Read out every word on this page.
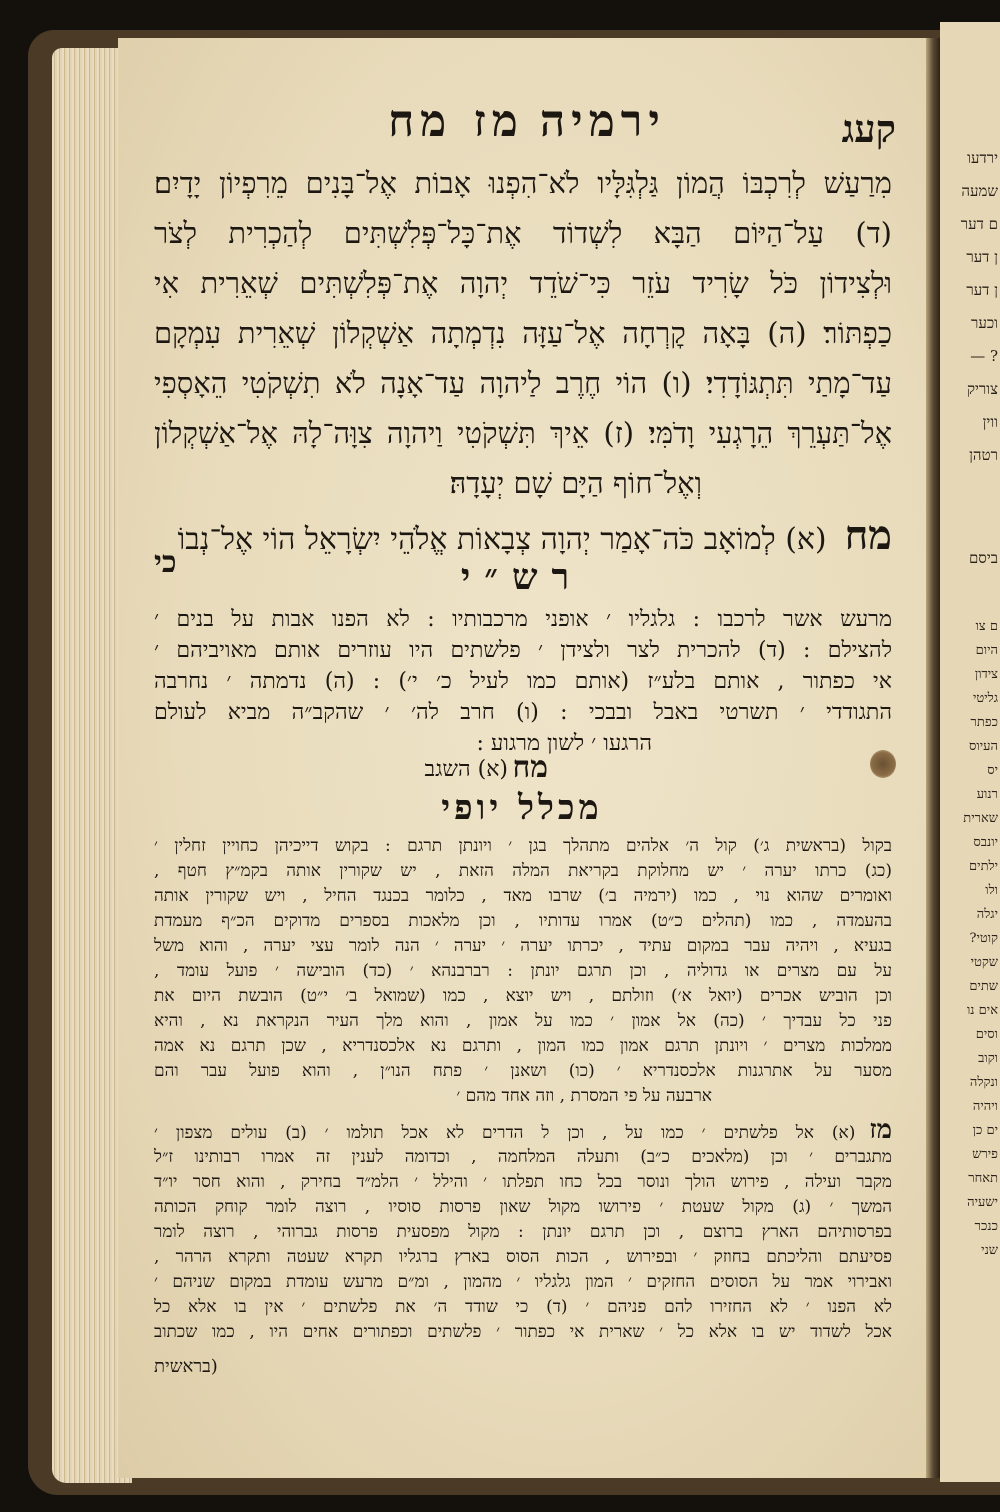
קעג
ירמיהמז מח
מִרַעַשׁ לְרִכְבּוֹ הֲמוֹן גַּלְגִּלָּיו לֹא־הִפְנוּ אָבוֹת אֶל־בָּנִים מֵרִפְיוֹן יָדָיִם׃
(ד) עַל־הַיּוֹם הַבָּא לִשְׁדוֹד אֶת־כָּל־פְּלִשְׁתִּים לְהַכְרִית לְצֹר
וּלְצִידוֹן כֹּל שָׂרִיד עֹזֵר כִּי־שֹׁדֵד יְהוָה אֶת־פְּלִשְׁתִּים שְׁאֵרִית אִי
כַפְתּוֹר׃ (ה) בָּאָה קׇרְחָה אֶל־עַזָּה נִדְמְתָה אַשְׁקְלוֹן שְׁאֵרִית עִמְקָם
עַד־מָתַי תִּתְגּוֹדָדִי׃ (ו) הוֹי חֶרֶב לַיהוָה עַד־אָנָה לֹא תִשְׁקֹטִי הֵאָסְפִי
אֶל־תַּעְרֵךְ הֵרָגְעִי וָדֹמִּי׃ (ז) אֵיךְ תִּשְׁקֹטִי וַיהוָה צִוָּה־לָהּ אֶל־אַשְׁקְלוֹן
וְאֶל־חוֹף הַיָּם שָׁם יְעָדָהּ׃
מח(א) לְמוֹאָב כֹּה־אָמַר יְהוָה צְבָאוֹת אֱלֹהֵי יִשְׂרָאֵל הוֹי אֶל־נְבוֹ
כי	רש״י
מרעש אשר לרכבו : גלגליו ׳ אופני מרכבותיו : לא הפנו אבות על בנים ׳
להצילם : (ד) להכרית לצר ולצידן ׳ פלשתים היו עוזרים אותם מאויביהם ׳
אי כפתור , אותם בלע״ז (אותם כמו לעיל כ׳ י׳) : (ה) נדמתה ׳ נחרבה
התגודדי ׳ תשרטי באבל ובבכי : (ו) חרב לה׳ ׳ שהקב״ה מביא לעולם
הרגעו ׳ לשון מרגוע :
מח
(א) השגב
מכלל יופי
בקול (בראשית ג׳) קול ה׳ אלהים מתהלך בגן ׳ ויונתן תרגם : בקוש דייכיהן כחויין זחלין ׳
(כג) כרתו יערה ׳ יש מחלוקת בקריאת המלה הזאת , יש שקורין אותה בקמ״ץ חטף ,
ואומרים שהוא נוי , כמו (ירמיה ב׳) שרבו מאד , כלומר בכנגד החיל , ויש שקורין אותה
בהעמדה , כמו (תהלים כ״ט) אמרו עדותיו , וכן מלאכות בספרים מדוקים הכ״ף מעמדת
בגעיא , ויהיה עבר במקום עתיד , יכרתו יערה ׳ יערה ׳ הנה לומר עצי יערה , והוא משל
על עם מצרים או גדוליה , וכן תרגם יונתן : רברבנהא ׳ (כד) הובישה ׳ פועל עומד ,
וכן הוביש אכרים (יואל א׳) וזולתם , ויש יוצא , כמו (שמואל ב׳ י״ט) הובשת היום את
פני כל עבדיך ׳ (כה) אל אמון ׳ כמו על אמון , והוא מלך העיר הנקראת נא , והיא
ממלכות מצרים ׳ ויונתן תרגם אמון כמו המון , ותרגם נא אלכסנדריא , שכן תרגם נא אמה
מסער על אתרגנות אלכסנדריא ׳ (כו) ושאנן ׳ פתח הנו״ן , והוא פועל עבר והם
ארבעה על פי המסרת , וזה אחד מהם ׳
מז(א) אל פלשתים ׳ כמו על , וכן ל הדרים לא אכל תולמו ׳ (ב) עולים מצפון ׳
מתגברים ׳ וכן (מלאכים כ״ב) ותעלה המלחמה , וכדומה לענין זה אמרו רבותינו ז״ל
מקבר ועילה , פירוש הולך ונוסר בכל כחו תפלתו ׳ והילל ׳ הלמ״ד בחירק , והוא חסר יו״ד
המשך ׳ (ג) מקול שעטת ׳ פירושו מקול שאון פרסות סוסיו , רוצה לומר קוחק הכותה
בפרסותיהם הארץ ברוצם , וכן תרגם יונתן : מקול מפסעית פרסות גברוהי , רוצה לומר
פסיעתם והליכתם בחוזק ׳ ובפירוש , הכות הסוס בארץ ברגליו תקרא שעטה ותקרא הרהר ,
ואבירוי אמר על הסוסים החזקים ׳ המון גלגליו ׳ מהמון , ומ״ם מרעש עומדת במקום שניהם ׳
לא הפנו ׳ לא החזירו להם פניהם ׳ (ד) כי שודד ה׳ את פלשתים ׳ אין בו אלא כל
אכל לשדוד יש בו אלא כל ׳ שארית אי כפתור ׳ פלשתים וכפתורים אחים היו , כמו שכתוב
(בראשית
ירדעו
שמעה
ם דער
ן דער
ן דער
וכער
? —
צוריק
ווין
רטהן
ביסם
ם צו
היום
צידון
גליטי
כפתר
העיוס
יס
רנוע
שארית
יונבס
ילתים
ולו
יגלה
קוטי?
שקטי
שתים
אים נו
וסים
וקוב
ונקלה
ויהיה
ים כן
פירש
תאחר
ישעיה
כנכר
שני
